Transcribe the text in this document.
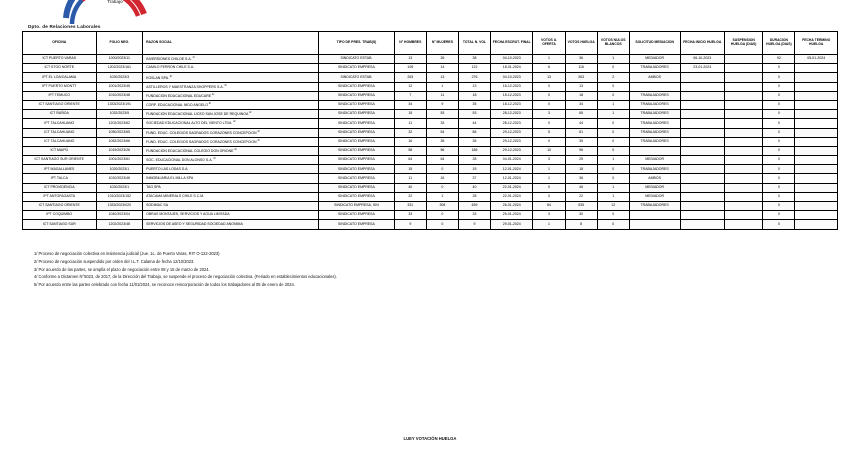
Trabajo
Dpto. de Relaciones Laborales
OFICINA	FOLIO NEG.	RAZON SOCIAL	TIPO DE PRES. TRAB(S)	N° HOMBRES	N° MUJERES	TOTAL N. VOL	FECHA ESCRUT. FINAL	VOTOS U. OFERTA	VOTOS HUELGA	VOTOS NULOS BLANCOS	SOLICITUD MEDIACION	FECHA INICIO HUELGA	SUSPENSION HUELGA (DIAS)	DURACION HUELGA (DIAS)	FECHA TERMINO HUELGA
ICT PUERTO VARAS	1000/2023/11	INVERSIONES CHILOE S.A. $^{1/}$	SINDICATO ESTAB.	13	26	38	04-10-2023	1	36	1	MEDIADOR	06-10-2023		92	05-01-2024
ICT STGO NORTE	1202/2023/161	CAMILO FERRON CHILE S.A.	SINDICATO EMPRESA	105	14	122	18-01-2024	6	116	0	TRABAJADORES	23-01-2024		0	
IPT EL LOA/CALAMA	1020/2023/3	KOSLAN SPA. $^{2/}$	SINDICATO ESTAB.	263	13	276	04-10-2023	13	263	2	AMBOS			0	
IPT PUERTO MONTT	1001/2023/45	ASTILLEROS Y MAESTRANZA SHOPPERS S.A. $^{3/}$	SINDICATO EMPRESA	12	1	13	16-12-2023	0	13	0				0	
IPT TEMUCO	1010/2023/48	FUNDACION EDUCACIONAL EDUCARE $^{4/}$	SINDICATO EMPRESA	7	11	18	15-12-2023	0	18	0	TRABAJADORES			0	
ICT SANTIAGO ORIENTE	1333/2023/191	CORP. EDUCACIONAL NIDO ANGELO $^{4/}$	SINDICATO EMPRESA	34	9	35	18-12-2023	0	34	1	TRABAJADORES			0	
ICT ÑUÑOA	1032/2023/5	FUNDACION EDUCACIONAL LICEO SAN JOSE DE REQUINOA $^{4/}$	SINDICATO EMPRESA	15	53	53	28-12-2023	3	65	1	TRABAJADORES			0	
IPT TALCAHUANO	1202/2023/62	SOCIEDAD EDUCACIONAL ALTO DEL VIENTO LTDA. $^{4/}$	SINDICATO EMPRESA	11	33	44	28-12-2023	0	44	0	TRABAJADORES			0	
ICT TALCAHUANO	1050/2023/65	FUND. EDUC. COLEGIOS SAGRADOS CORAZONES CONCEPCION $^{4/}$	SINDICATO EMPRESA	32	54	86	29-12-2023	5	81	0	TRABAJADORES			0	
ICT TALCAHUANO	1052/2023/66	FUND. EDUC. COLEGIOS SAGRADOS CORAZONES CONCEPCION $^{4/}$	SINDICATO EMPRESA	16	35	35	29-12-2023	0	35	0	TRABAJADORES			0	
ICT MAIPÚ	1019/2023/26	FUNDACION EDUCACIONAL COLEGIO DON ORIONE $^{4/}$	SINDICATO EMPRESA	58	56	186	29-12-2023	10	96	0				0	
ICT SANTIAGO SUR ORIENTE	1001/2023/61	SOC. EDUCACIONAL DON ALONSO S.A. $^{4/}$	SINDICATO EMPRESA	64	64	28	04-01-2024	3	25	1	MEDIADOR			0	
IPT MAGALLANES	1020/2023/1	PUERTO LAS LOSAS S.A.	SINDICATO EMPRESA	15	0	15	12-01-2024	1	18	0	TRABAJADORES			0	
IPT TALCA	1010/2023/46	INMOBILIARIA EL MILLA SPA	SINDICATO EMPRESA	11	16	37	12-01-2024	1	36	0	AMBOS			0	
ICT PROVIDENCIA	1020/2023/1	TAG SPA	SINDICATO EMPRESA	40	0	40	22-01-2024	0	46	1	MEDIADOR			0	
IPT ANTOFAGASTA	1010/2023/152	ATACAMA MINERALS CHILE S.C.M.	SINDICATO EMPRESA	22	1	28	22-01-2024	0	22	1	MEDIADOR			0	
ICT SANTIAGO ORIENTE	1333/2023/020	SODIMAC SA	SINDICATO EMPRESA, SIN	331	308	639	26-01-2024	84	535	12	TRABAJADORES			0	
IPT COQUIMBO	1040/2023/04	OBRAS MONTAJES, SERVICIOS Y AGUA LIMITADA	SINDICATO EMPRESA	33	0	33	25-01-2024	3	30	0				0	
ICT SANTIAGO SUR	1202/2023/48	SERVICIOS DE ASEO Y SEGURIDAD SOCIEDAD ANONIMA	SINDICATO EMPRESA	9	0	9	29-01-2024	1	8	0				0	
1/ Proceso de negociación colectiva en insistencia judicial (Jue. 1L. de Puerto Varas, RIT O-122-2023)
2/ Proceso de negociación suspendido por orden del I.L.T. Calama de fecha 12/10/2023.
3/ Por acuerdo de las partes, se amplía el plazo de negociación entre 08 y 15 de marzo de 2024.
4/ Conforme a Dictamen N°5023, de 2017, de la Dirección del Trabajo, se suspende el proceso de negociación colectiva. (Feriado en establecimientos educacionales).
5/ Por acuerdo entre las partes celebrado con fecha 11/01/2024, se reconoce reincorporación de todos los trabajadores al 05 de enero de 2024.
LUEY VOTACIÓN HUELGA
